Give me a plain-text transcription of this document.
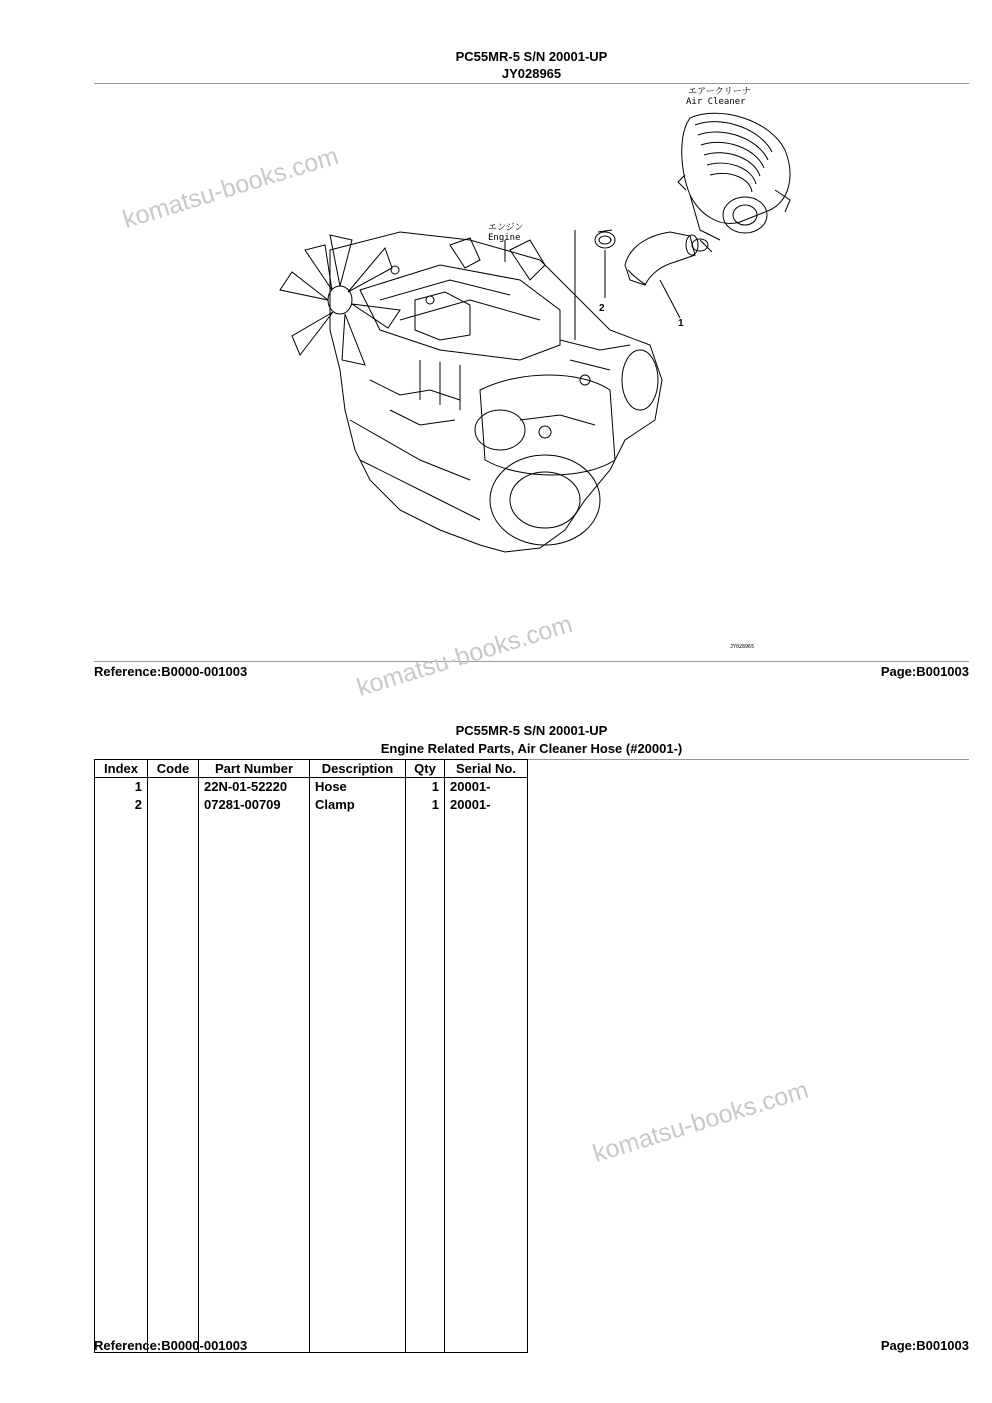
PC55MR-5 S/N 20001-UP
JY028965
エアークリーナ
Air Cleaner
エンジン
Engine
2
1
JY028965
Reference:B0000-001003	Page:B001003
PC55MR-5 S/N 20001-UP
Engine Related Parts, Air Cleaner Hose (#20001-)
Index	Code	Part Number	Description	Qty	Serial No.
1		22N-01-52220	Hose	1	20001-
2		07281-00709	Clamp	1	20001-

Reference:B0000-001003	Page:B001003
komatsu-books.com
komatsu-books.com
komatsu-books.com
